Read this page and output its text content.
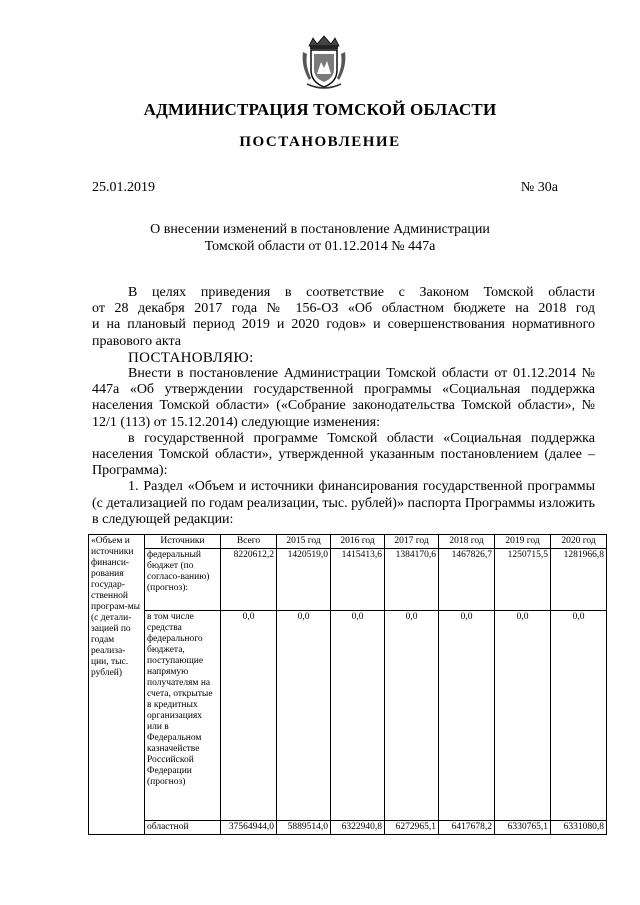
АДМИНИСТРАЦИЯ ТОМСКОЙ ОБЛАСТИ
ПОСТАНОВЛЕНИЕ
25.01.2019	№ 30а
О внесении изменений в постановление Администрации
Томской области от 01.12.2014 № 447а

В целях приведения в соответствие с Законом Томской области

от 28 декабря 2017 года № 156-ОЗ «Об областном бюджете на 2018 год

и на плановый период 2019 и 2020 годов» и совершенствования нормативного

правового акта

ПОСТАНОВЛЯЮ:

Внести в постановление Администрации Томской области от 01.12.2014 № 447а «Об утверждении государственной программы «Социальная поддержка населения Томской области» («Собрание законодательства Томской области», № 12/1 (113) от 15.12.2014) следующие изменения:

в государственной программе Томской области «Социальная поддержка населения Томской области», утвержденной указанным постановлением (далее – Программа):

1. Раздел «Объем и источники финансирования государственной программы (с детализацией по годам реализации, тыс. рублей)» паспорта Программы изложить в следующей редакции:

«Объем и источники финанси-рования государ-ственной програм-мы (с детали-зацией по годам реализа-ции, тыс. рублей)	Источники	Всего	2015 год	2016 год	2017 год	2018 год	2019 год	2020 год
	федеральный бюджет (по согласо-ванию) (прогноз):	8220612,2	1420519,0	1415413,6	1384170,6	1467826,7	1250715,5	1281966,8
	в том числе средства федерального бюджета, поступающие напрямую получателям на счета, открытые в кредитных организациях или в Федеральном казначействе Российской Федерации (прогноз)	0,0	0,0	0,0	0,0	0,0	0,0	0,0
	областной	37564944,0	5889514,0	6322940,8	6272965,1	6417678,2	6330765,1	6331080,8
